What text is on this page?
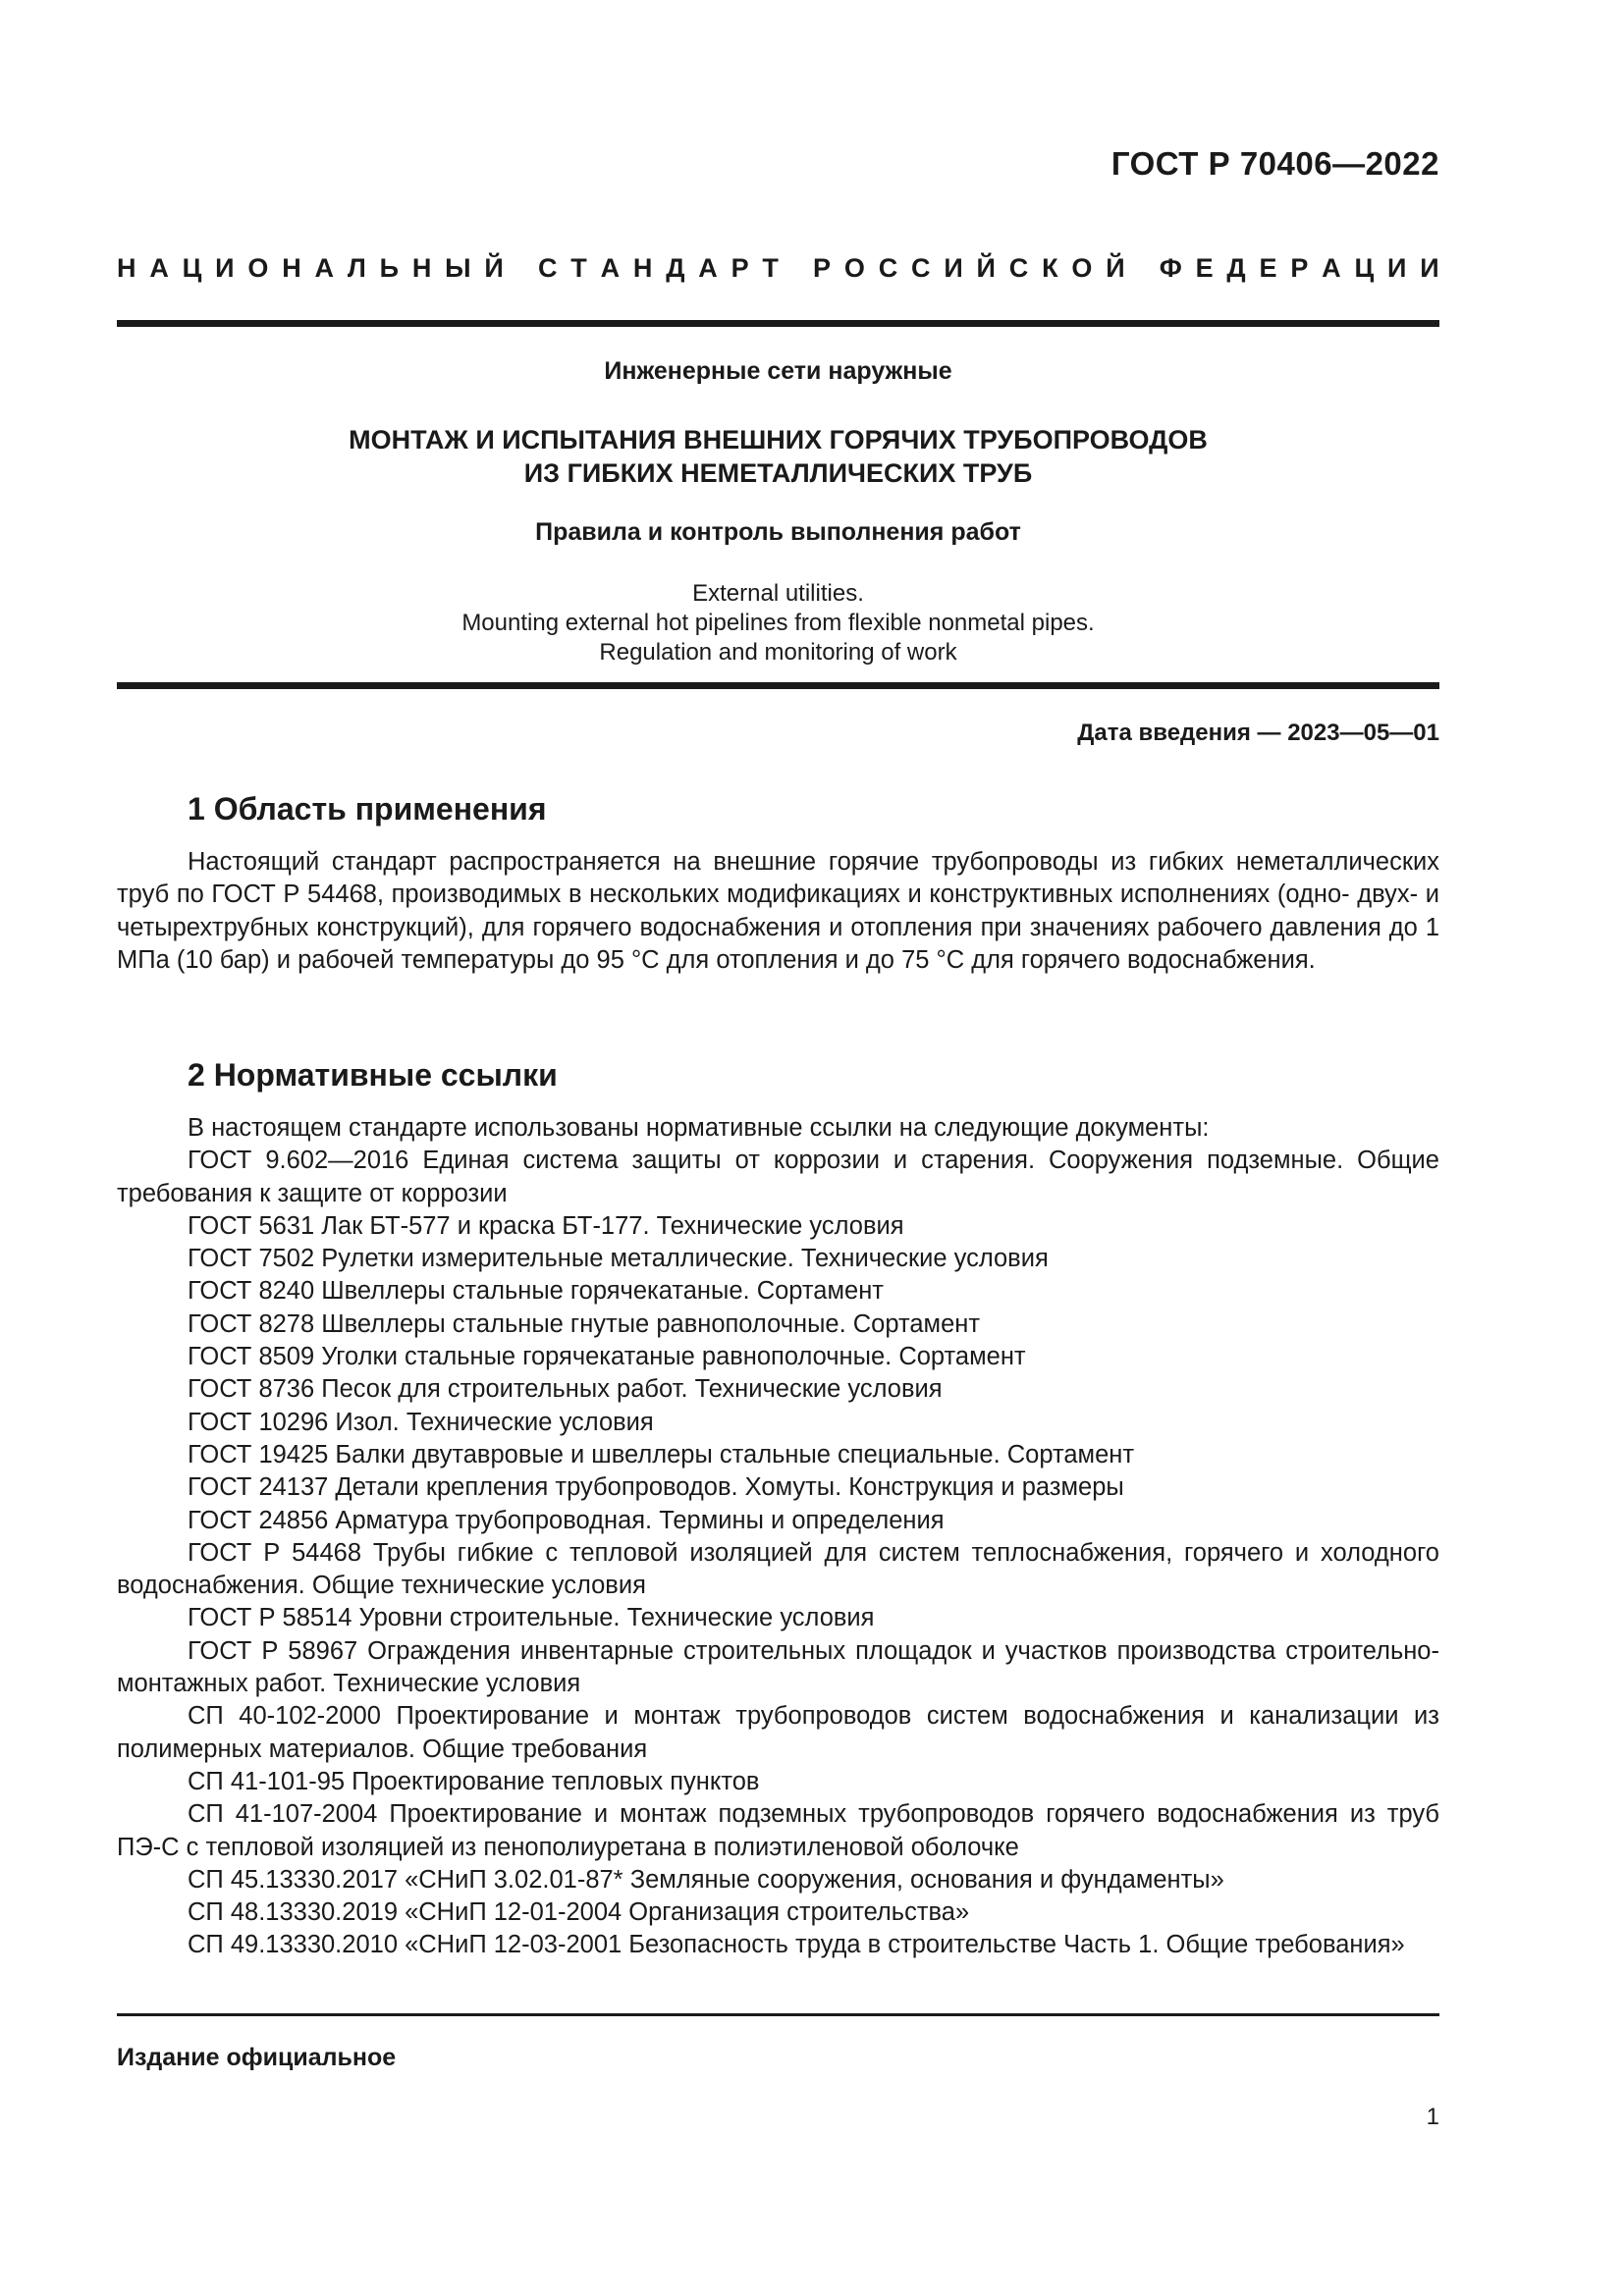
ГОСТ Р 70406—2022
Н А Ц И О Н А Л Ь Н Ы Й
С Т А Н Д А Р Т
Р О С С И Й С К О Й
Ф Е Д Е Р А Ц И И
Инженерные сети наружные
МОНТАЖ И ИСПЫТАНИЯ ВНЕШНИХ ГОРЯЧИХ ТРУБОПРОВОДОВ
ИЗ ГИБКИХ НЕМЕТАЛЛИЧЕСКИХ ТРУБ
Правила и контроль выполнения работ
External utilities.
Mounting external hot pipelines from flexible nonmetal pipes.
Regulation and monitoring of work
Дата введения — 2023—05—01
1 Область применения

Настоящий стандарт распространяется на внешние горячие трубопроводы из гибких неметаллических труб по ГОСТ Р 54468, производимых в нескольких модификациях и конструктивных исполнениях (одно- двух- и четырехтрубных конструкций), для горячего водоснабжения и отопления при значениях рабочего давления до 1 МПа (10 бар) и рабочей температуры до 95 °С для отопления и до 75 °С для горячего водоснабжения.

2 Нормативные ссылки

В настоящем стандарте использованы нормативные ссылки на следующие документы:

ГОСТ 9.602—2016 Единая система защиты от коррозии и старения. Сооружения подземные. Общие требования к защите от коррозии

ГОСТ 5631 Лак БТ-577 и краска БТ-177. Технические условия

ГОСТ 7502 Рулетки измерительные металлические. Технические условия

ГОСТ 8240 Швеллеры стальные горячекатаные. Сортамент

ГОСТ 8278 Швеллеры стальные гнутые равнополочные. Сортамент

ГОСТ 8509 Уголки стальные горячекатаные равнополочные. Сортамент

ГОСТ 8736 Песок для строительных работ. Технические условия

ГОСТ 10296 Изол. Технические условия

ГОСТ 19425 Балки двутавровые и швеллеры стальные специальные. Сортамент

ГОСТ 24137 Детали крепления трубопроводов. Хомуты. Конструкция и размеры

ГОСТ 24856 Арматура трубопроводная. Термины и определения

ГОСТ Р 54468 Трубы гибкие с тепловой изоляцией для систем теплоснабжения, горячего и холодного водоснабжения. Общие технические условия

ГОСТ Р 58514 Уровни строительные. Технические условия

ГОСТ Р 58967 Ограждения инвентарные строительных площадок и участков производства строительно-монтажных работ. Технические условия

СП 40-102-2000 Проектирование и монтаж трубопроводов систем водоснабжения и канализации из полимерных материалов. Общие требования

СП 41-101-95 Проектирование тепловых пунктов

СП 41-107-2004 Проектирование и монтаж подземных трубопроводов горячего водоснабжения из труб ПЭ-С с тепловой изоляцией из пенополиуретана в полиэтиленовой оболочке

СП 45.13330.2017 «СНиП 3.02.01-87* Земляные сооружения, основания и фундаменты»

СП 48.13330.2019 «СНиП 12-01-2004 Организация строительства»

СП 49.13330.2010 «СНиП 12-03-2001 Безопасность труда в строительстве Часть 1. Общие требования»

Издание официальное
1
